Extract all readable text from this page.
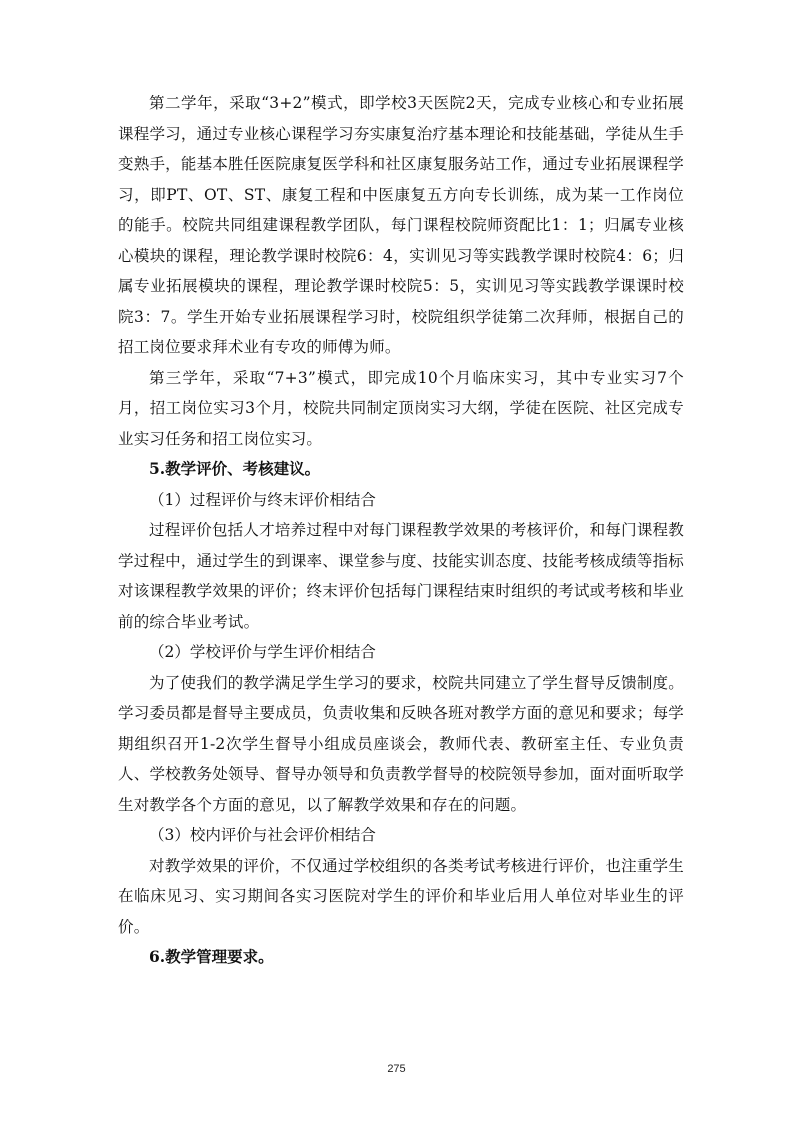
第二学年，采取“3+2”模式，即学校3天医院2天，完成专业核心和专业拓展课程学习，通过专业核心课程学习夯实康复治疗基本理论和技能基础，学徒从生手变熟手，能基本胜任医院康复医学科和社区康复服务站工作，通过专业拓展课程学习，即PT、OT、ST、康复工程和中医康复五方向专长训练，成为某一工作岗位的能手。校院共同组建课程教学团队，每门课程校院师资配比1：1；归属专业核心模块的课程，理论教学课时校院6：4，实训见习等实践教学课时校院4：6；归属专业拓展模块的课程，理论教学课时校院5：5，实训见习等实践教学课课时校院3：7。学生开始专业拓展课程学习时，校院组织学徒第二次拜师，根据自己的招工岗位要求拜术业有专攻的师傅为师。

第三学年，采取“7+3”模式，即完成10个月临床实习，其中专业实习7个月，招工岗位实习3个月，校院共同制定顶岗实习大纲，学徒在医院、社区完成专业实习任务和招工岗位实习。

5.教学评价、考核建议。

（1）过程评价与终末评价相结合

过程评价包括人才培养过程中对每门课程教学效果的考核评价，和每门课程教学过程中，通过学生的到课率、课堂参与度、技能实训态度、技能考核成绩等指标对该课程教学效果的评价；终末评价包括每门课程结束时组织的考试或考核和毕业前的综合毕业考试。

（2）学校评价与学生评价相结合

为了使我们的教学满足学生学习的要求，校院共同建立了学生督导反馈制度。学习委员都是督导主要成员，负责收集和反映各班对教学方面的意见和要求；每学期组织召开1-2次学生督导小组成员座谈会，教师代表、教研室主任、专业负责人、学校教务处领导、督导办领导和负责教学督导的校院领导参加，面对面听取学生对教学各个方面的意见，以了解教学效果和存在的问题。

（3）校内评价与社会评价相结合

对教学效果的评价，不仅通过学校组织的各类考试考核进行评价，也注重学生在临床见习、实习期间各实习医院对学生的评价和毕业后用人单位对毕业生的评价。

6.教学管理要求。

275
